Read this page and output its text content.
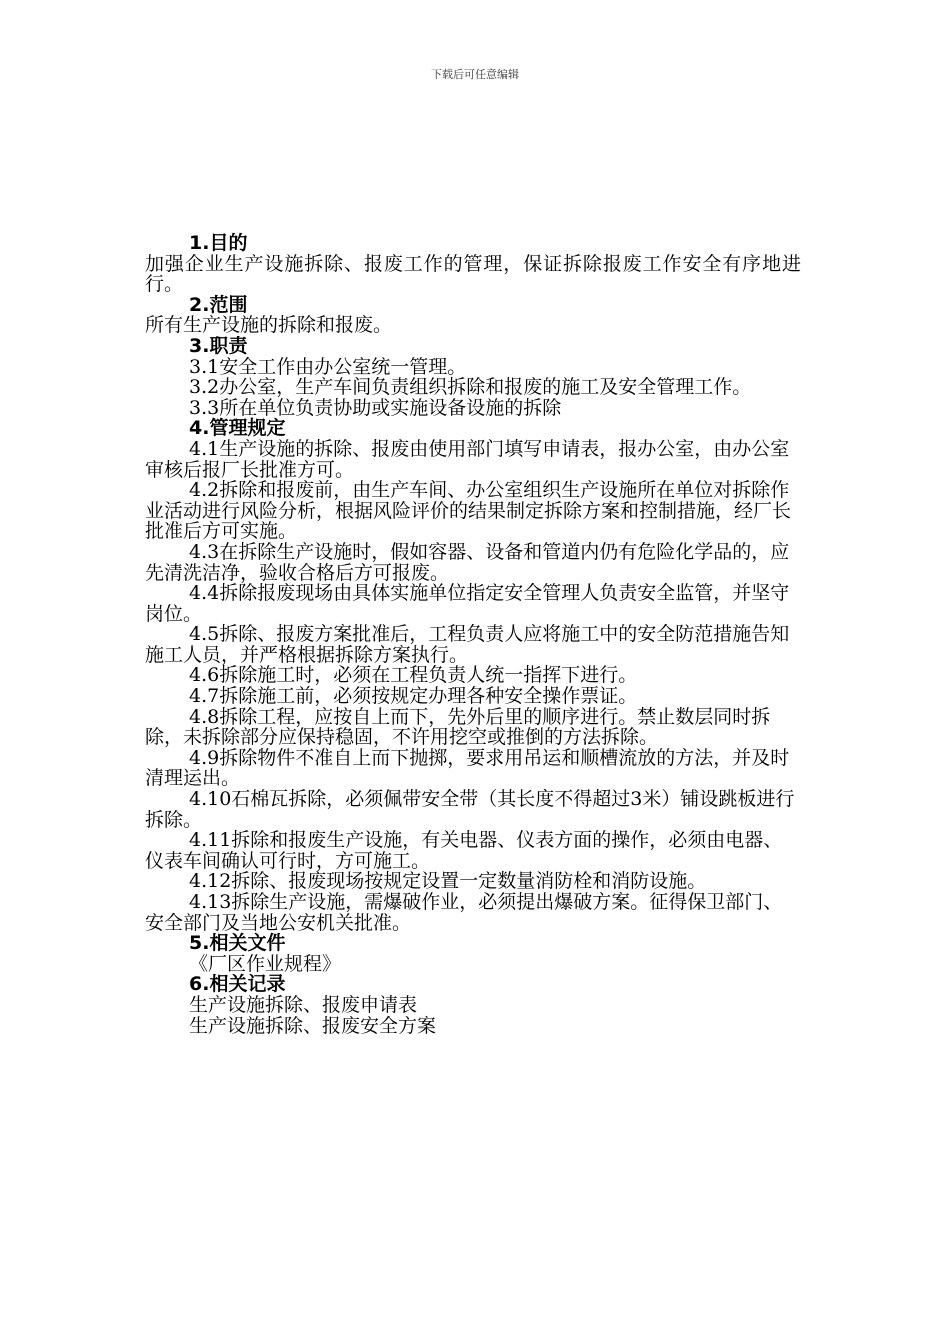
下载后可任意编辑

1.目的

加强企业生产设施拆除、报废工作的管理，保证拆除报废工作安全有序地进行。

2.范围

所有生产设施的拆除和报废。

3.职责

3.1安全工作由办公室统一管理。

3.2办公室，生产车间负责组织拆除和报废的施工及安全管理工作。

3.3所在单位负责协助或实施设备设施的拆除

4.管理规定

4.1生产设施的拆除、报废由使用部门填写申请表，报办公室，由办公室审核后报厂长批准方可。

4.2拆除和报废前，由生产车间、办公室组织生产设施所在单位对拆除作业活动进行风险分析，根据风险评价的结果制定拆除方案和控制措施，经厂长批准后方可实施。

4.3在拆除生产设施时，假如容器、设备和管道内仍有危险化学品的，应先清洗洁净，验收合格后方可报废。

4.4拆除报废现场由具体实施单位指定安全管理人负责安全监管，并坚守岗位。

4.5拆除、报废方案批准后，工程负责人应将施工中的安全防范措施告知施工人员，并严格根据拆除方案执行。

4.6拆除施工时，必须在工程负责人统一指挥下进行。

4.7拆除施工前，必须按规定办理各种安全操作票证。

4.8拆除工程，应按自上而下，先外后里的顺序进行。禁止数层同时拆除，未拆除部分应保持稳固，不许用挖空或推倒的方法拆除。

4.9拆除物件不准自上而下抛掷，要求用吊运和顺槽流放的方法，并及时清理运出。

4.10石棉瓦拆除，必须佩带安全带（其长度不得超过3米）铺设跳板进行拆除。

4.11拆除和报废生产设施，有关电器、仪表方面的操作，必须由电器、仪表车间确认可行时，方可施工。

4.12拆除、报废现场按规定设置一定数量消防栓和消防设施。

4.13拆除生产设施，需爆破作业，必须提出爆破方案。征得保卫部门、安全部门及当地公安机关批准。

5.相关文件

《厂区作业规程》

6.相关记录

生产设施拆除、报废申请表

生产设施拆除、报废安全方案
